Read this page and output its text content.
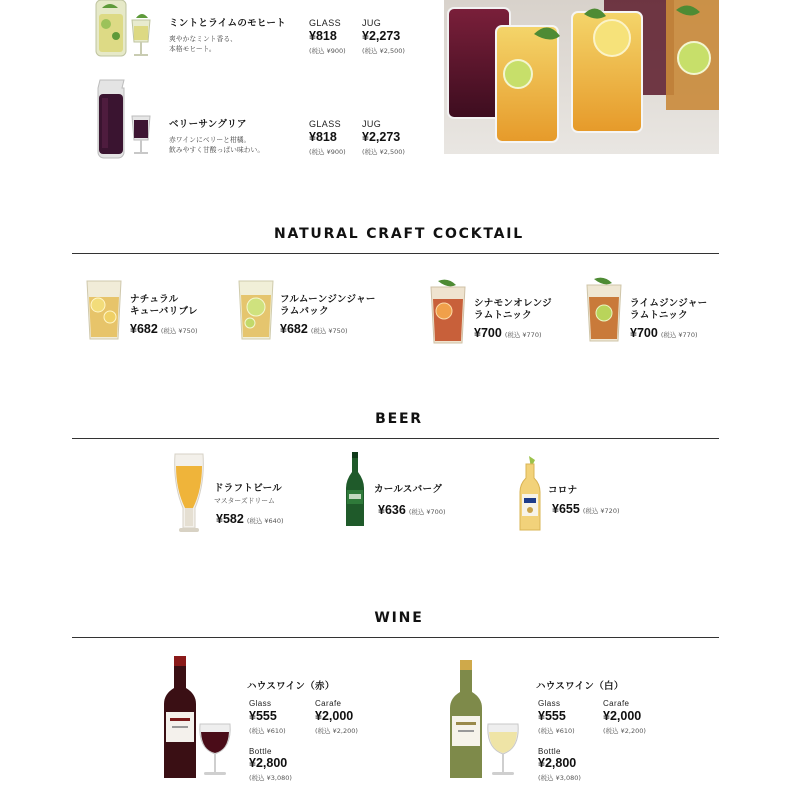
ミントとライムのモヒート
爽やかなミント香る、
本格モヒート。
GLASS
¥818
(税込 ¥900)
JUG
¥2,273
(税込 ¥2,500)
ベリーサングリア
赤ワインにベリーと柑橘。
飲みやすく甘酸っぱい味わい。
GLASS
¥818
(税込 ¥900)
JUG
¥2,273
(税込 ¥2,500)
NATURAL CRAFT COCKTAIL
ナチュラル
キューバリブレ
¥682 (税込 ¥750)
フルムーンジンジャー
ラムバック
¥682 (税込 ¥750)
シナモンオレンジ
ラムトニック
¥700 (税込 ¥770)
ライムジンジャー
ラムトニック
¥700 (税込 ¥770)
BEER
ドラフトビール
マスターズドリーム
¥582 (税込 ¥640)
カールスバーグ
¥636 (税込 ¥700)
コロナ
¥655 (税込 ¥720)
WINE
ハウスワイン（赤）
Glass
¥555
(税込 ¥610)
Carafe
¥2,000
(税込 ¥2,200)
Bottle
¥2,800
(税込 ¥3,080)
ハウスワイン（白）
Glass
¥555
(税込 ¥610)
Carafe
¥2,000
(税込 ¥2,200)
Bottle
¥2,800
(税込 ¥3,080)
